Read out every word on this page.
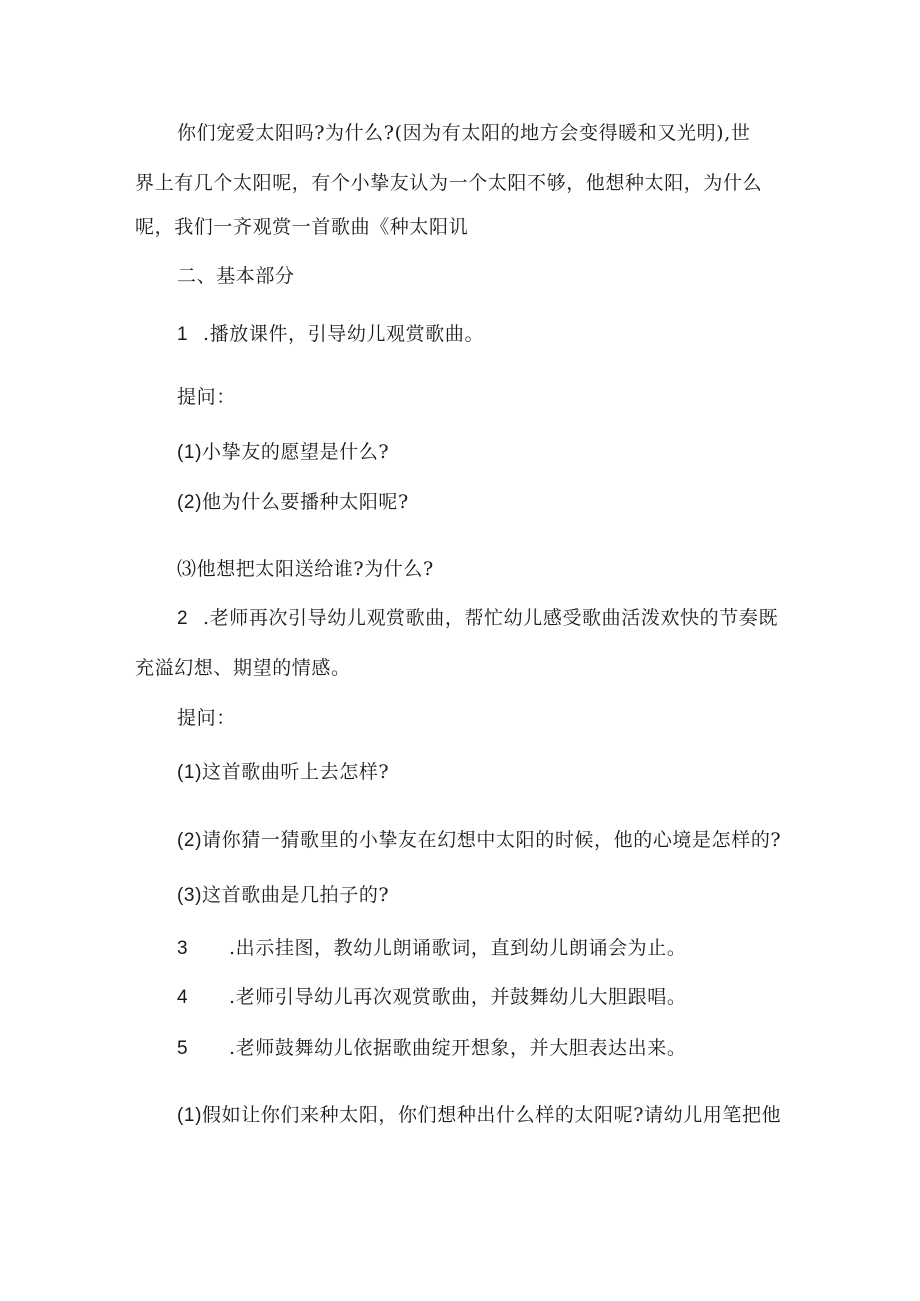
你们宠爱太阳吗?为什么?(因为有太阳的地方会变得暖和又光明),世
界上有几个太阳呢，有个小挚友认为一个太阳不够，他想种太阳，为什么
呢，我们一齐观赏一首歌曲《种太阳讥
二、基本部分
1 .播放课件，引导幼儿观赏歌曲。
提问：
(1)小挚友的愿望是什么?
(2)他为什么要播种太阳呢?
⑶他想把太阳送给谁?为什么?
2 .老师再次引导幼儿观赏歌曲，帮忙幼儿感受歌曲活泼欢快的节奏既
充溢幻想、期望的情感。
提问：
(1)这首歌曲听上去怎样?
(2)请你猜一猜歌里的小挚友在幻想中太阳的时候，他的心境是怎样的?
(3)这首歌曲是几拍子的?
3 .出示挂图，教幼儿朗诵歌词，直到幼儿朗诵会为止。
4 .老师引导幼儿再次观赏歌曲，并鼓舞幼儿大胆跟唱。
5 .老师鼓舞幼儿依据歌曲绽开想象，并大胆表达出来。
(1)假如让你们来种太阳，你们想种出什么样的太阳呢?请幼儿用笔把他
